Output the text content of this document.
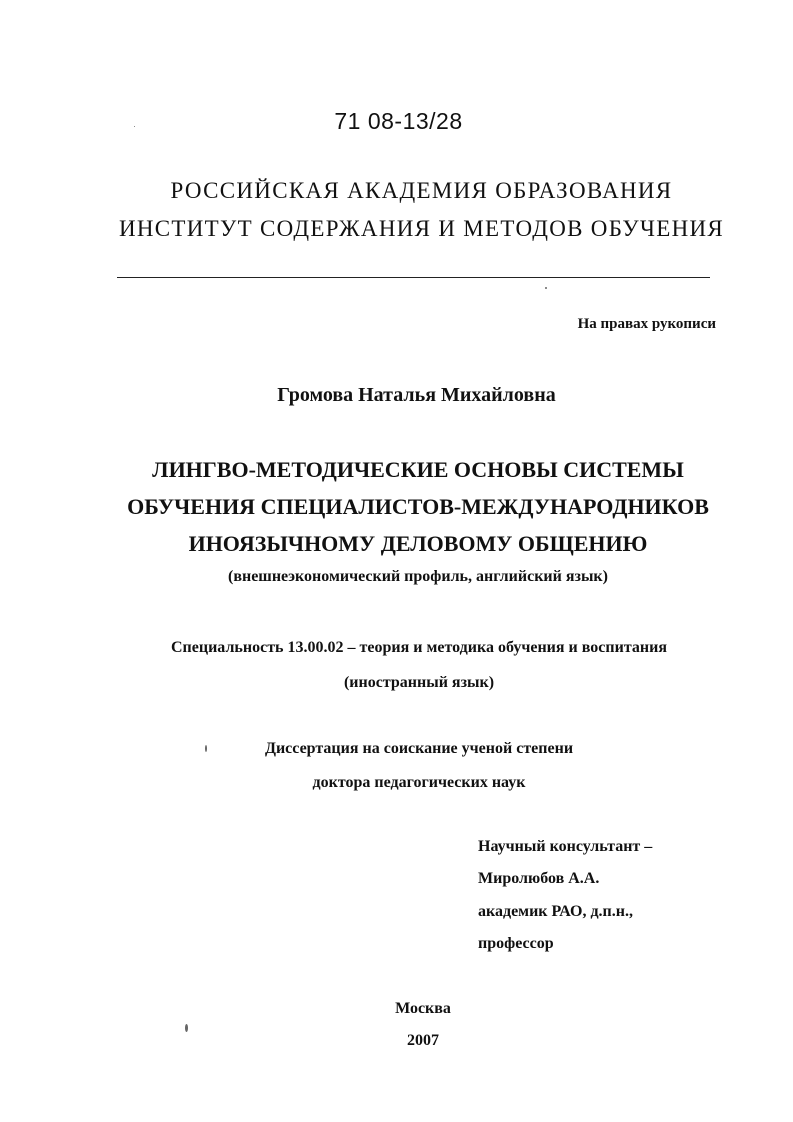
71 08-13/28
РОССИЙСКАЯ АКАДЕМИЯ ОБРАЗОВАНИЯ
ИНСТИТУТ СОДЕРЖАНИЯ И МЕТОДОВ ОБУЧЕНИЯ
На правах рукописи
Громова Наталья Михайловна
ЛИНГВО-МЕТОДИЧЕСКИЕ ОСНОВЫ СИСТЕМЫ
ОБУЧЕНИЯ СПЕЦИАЛИСТОВ-МЕЖДУНАРОДНИКОВ
ИНОЯЗЫЧНОМУ ДЕЛОВОМУ ОБЩЕНИЮ
(внешнеэкономический профиль, английский язык)
Специальность 13.00.02 – теория и методика обучения и воспитания
(иностранный язык)
Диссертация на соискание ученой степени
доктора педагогических наук
Научный консультант –
Миролюбов А.А.
академик РАО, д.п.н.,
профессор
Москва
2007
